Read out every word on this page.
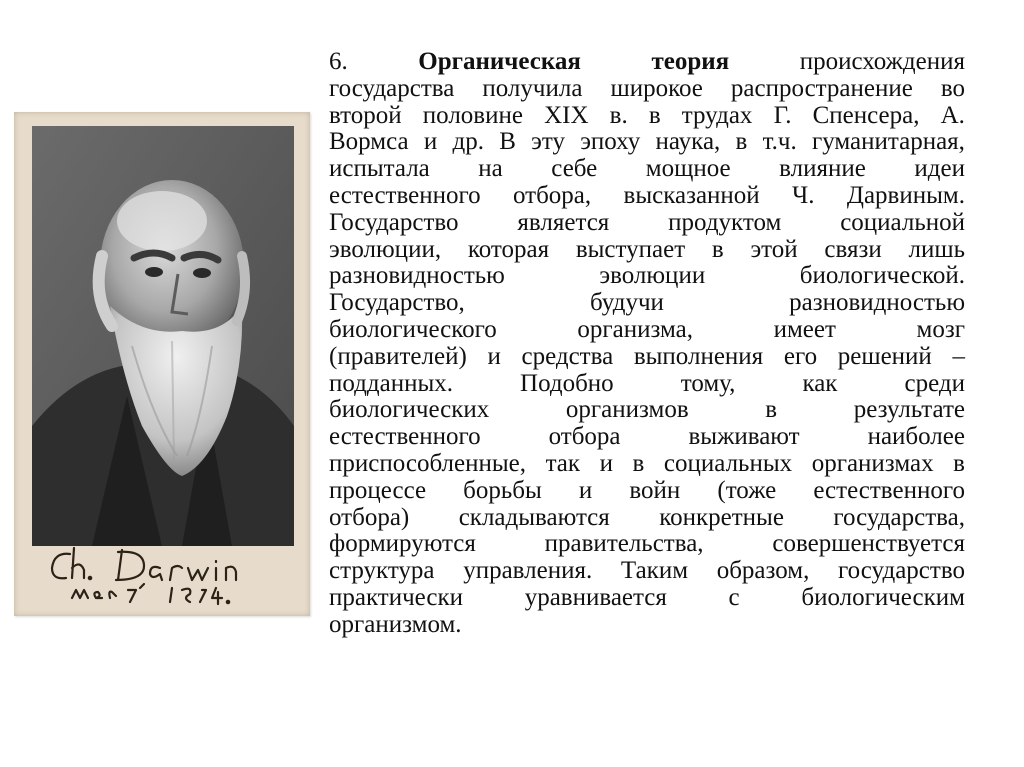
6.	Органическая	теория	происхождения
государства получила широкое распространение во
второй половине XIX в. в трудах Г. Спенсера, А.
Вормса и др. В эту эпоху наука, в т.ч. гуманитарная,
испытала на себе мощное влияние идеи
естественного отбора, высказанной Ч. Дарвиным.
Государство является продуктом социальной
эволюции, которая выступает в этой связи лишь
разновидностью	эволюции	биологической.
Государство,	будучи	разновидностью
биологического	организма,	имеет	мозг
(правителей) и средства выполнения его решений –
подданных.	Подобно	тому,	как	среди
биологических	организмов	в	результате
естественного	отбора	выживают	наиболее
приспособленные, так и в социальных организмах в
процессе борьбы и войн (тоже естественного
отбора) складываются конкретные государства,
формируются	правительства,	совершенствуется
структура управления. Таким образом, государство
практически уравнивается с биологическим
организмом.
